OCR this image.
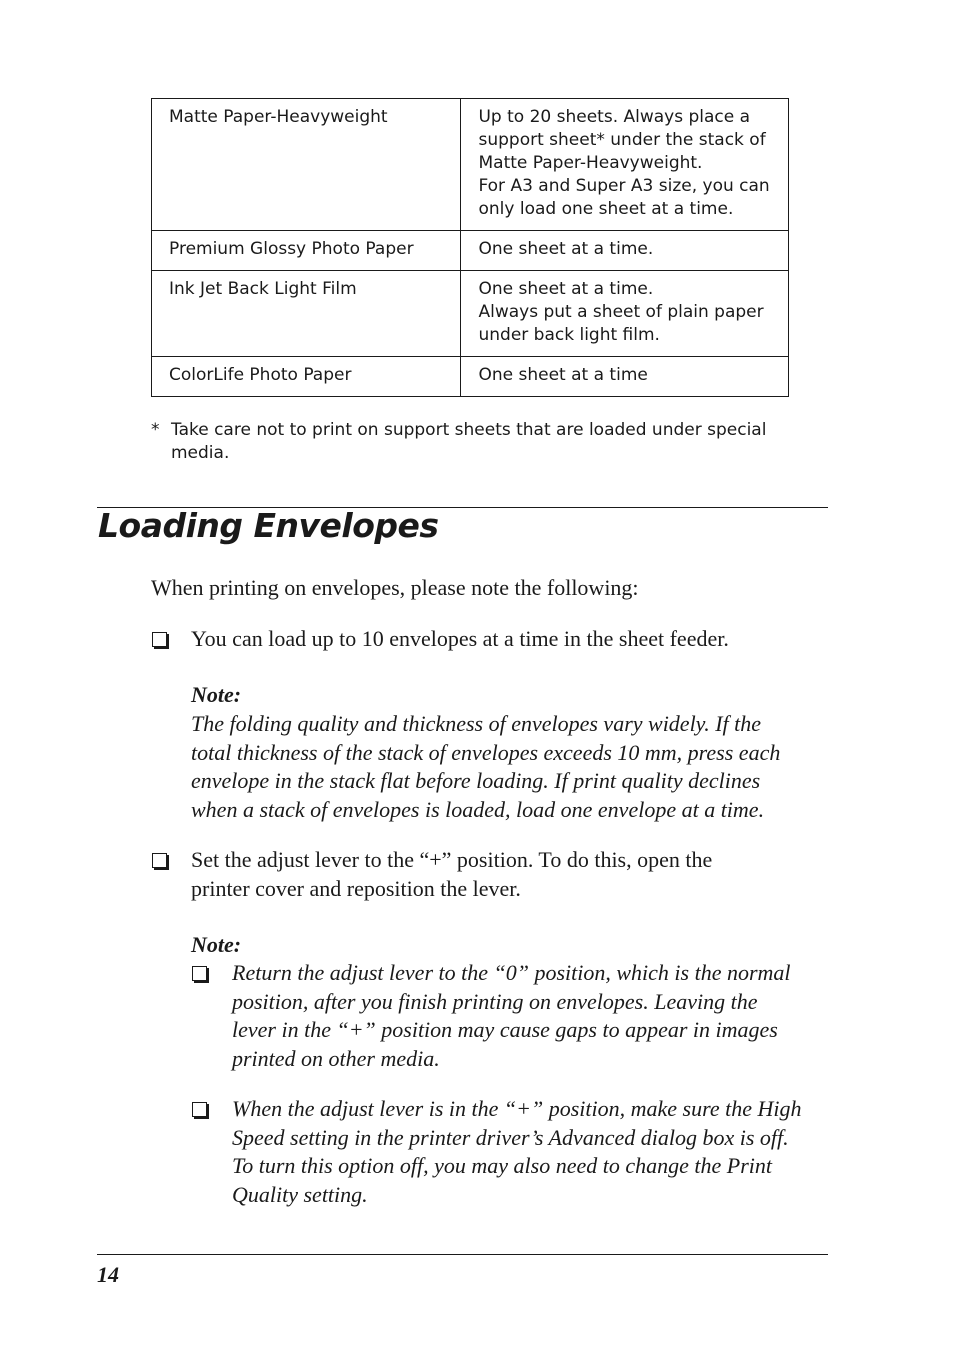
Matte Paper-Heavyweight	Up to 20 sheets. Always place a
support sheet* under the stack of
Matte Paper-Heavyweight.
For A3 and Super A3 size, you can
only load one sheet at a time.

Premium Glossy Photo Paper	One sheet at a time.

Ink Jet Back Light Film	One sheet at a time.
Always put a sheet of plain paper
under back light film.

ColorLife Photo Paper	One sheet at a time
* Take care not to print on support sheets that are loaded under special media.
Loading Envelopes

When printing on envelopes, please note the following:

You can load up to 10 envelopes at a time in the sheet feeder.

Note:

The folding quality and thickness of envelopes vary widely. If the
total thickness of the stack of envelopes exceeds 10 mm, press each
envelope in the stack flat before loading. If print quality declines
when a stack of envelopes is loaded, load one envelope at a time.
Set the adjust lever to the “+” position. To do this, open the
printer cover and reposition the lever.

Note:

Return the adjust lever to the “0” position, which is the normal
position, after you finish printing on envelopes. Leaving the
lever in the “+” position may cause gaps to appear in images
printed on other media.
When the adjust lever is in the “+” position, make sure the High
Speed setting in the printer driver’s Advanced dialog box is off.
To turn this option off, you may also need to change the Print
Quality setting.
14
